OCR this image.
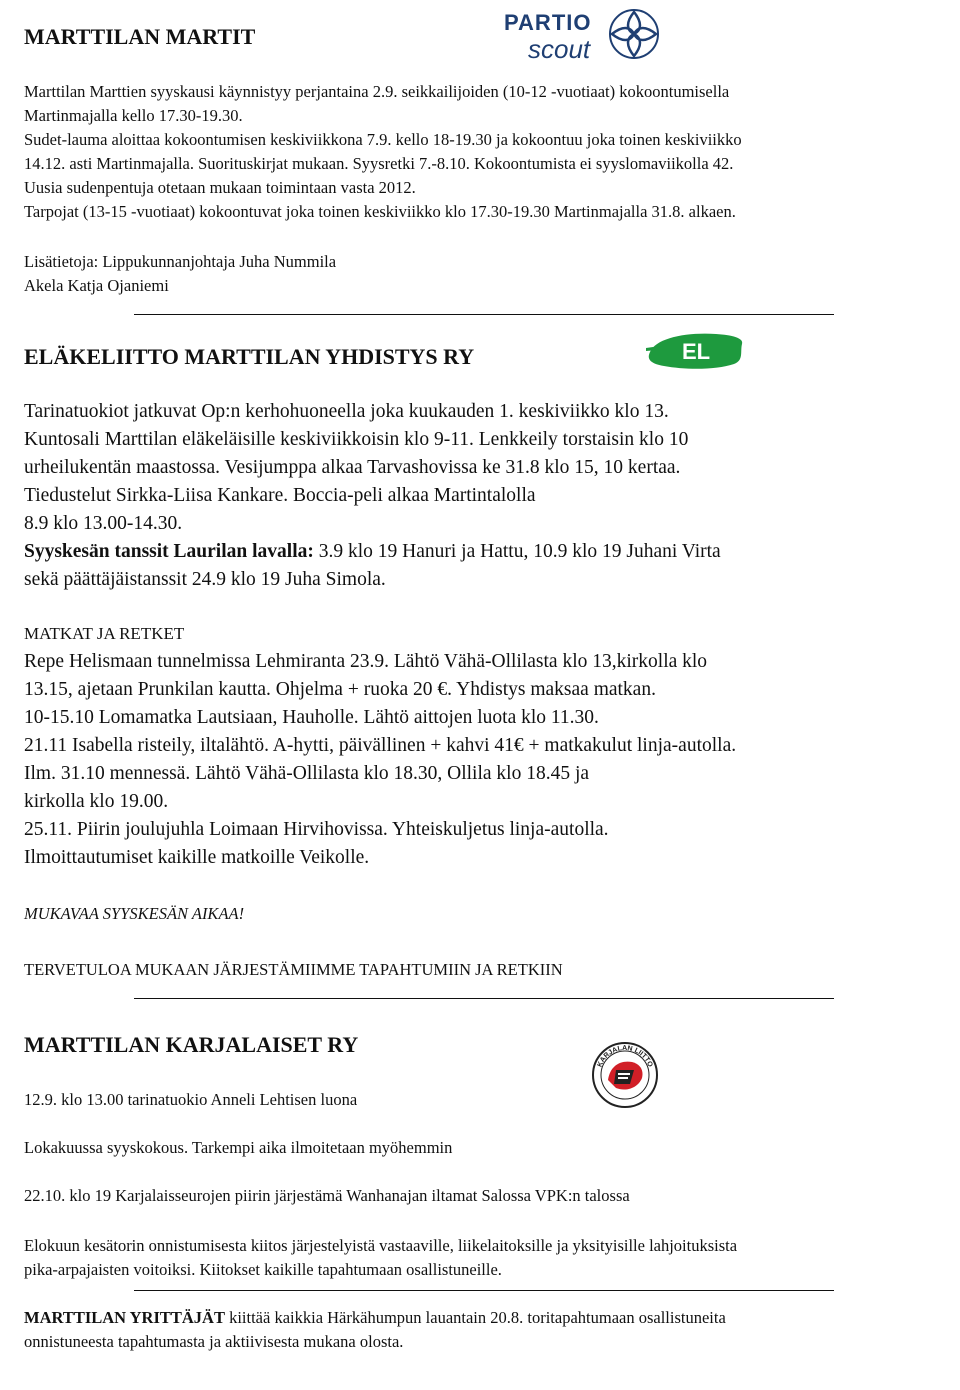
MARTTILAN MARTIT
PARTIO
scout
Marttilan Marttien syyskausi käynnistyy perjantaina 2.9. seikkailijoiden (10-12 -vuotiaat) kokoontumisella
Martinmajalla kello 17.30-19.30.
Sudet-lauma aloittaa kokoontumisen keskiviikkona 7.9. kello 18-19.30 ja kokoontuu joka toinen keskiviikko
14.12. asti Martinmajalla. Suorituskirjat mukaan. Syysretki 7.-8.10. Kokoontumista ei syyslomaviikolla 42.
Uusia sudenpentuja otetaan mukaan toimintaan vasta 2012.
Tarpojat (13-15 -vuotiaat) kokoontuvat joka toinen keskiviikko klo 17.30-19.30 Martinmajalla 31.8. alkaen.
Lisätietoja: Lippukunnanjohtaja Juha Nummila
Akela Katja Ojaniemi
ELÄKELIITTO MARTTILAN YHDISTYS RY	EL
Tarinatuokiot jatkuvat Op:n kerhohuoneella joka kuukauden 1. keskiviikko klo 13.
Kuntosali Marttilan eläkeläisille keskiviikkoisin klo 9-11. Lenkkeily torstaisin klo 10
urheilukentän maastossa. Vesijumppa alkaa Tarvashovissa ke 31.8 klo 15, 10 kertaa.
Tiedustelut Sirkka-Liisa Kankare. Boccia-peli alkaa Martintalolla
8.9 klo 13.00-14.30.
Syyskesän tanssit Laurilan lavalla: 3.9 klo 19 Hanuri ja Hattu, 10.9 klo 19 Juhani Virta
sekä päättäjäistanssit 24.9 klo 19 Juha Simola.
MATKAT JA RETKET
Repe Helismaan tunnelmissa Lehmiranta 23.9. Lähtö Vähä-Ollilasta klo 13,kirkolla klo
13.15, ajetaan Prunkilan kautta. Ohjelma + ruoka 20 €. Yhdistys maksaa matkan.
10-15.10 Lomamatka Lautsiaan, Hauholle. Lähtö aittojen luota klo 11.30.
21.11 Isabella risteily, iltalähtö. A-hytti, päivällinen + kahvi 41€ + matkakulut linja-autolla.
Ilm. 31.10 mennessä. Lähtö Vähä-Ollilasta klo 18.30, Ollila klo 18.45 ja
kirkolla klo 19.00.
25.11. Piirin joulujuhla Loimaan Hirvihovissa. Yhteiskuljetus linja-autolla.
Ilmoittautumiset kaikille matkoille Veikolle.
MUKAVAA SYYSKESÄN AIKAA!
TERVETULOA MUKAAN JÄRJESTÄMIIMME TAPAHTUMIIN JA RETKIIN
MARTTILAN KARJALAISET RY
KARJALAN LIITTO
12.9. klo 13.00 tarinatuokio Anneli Lehtisen luona
Lokakuussa syyskokous. Tarkempi aika ilmoitetaan myöhemmin
22.10. klo 19 Karjalaisseurojen piirin järjestämä Wanhanajan iltamat Salossa VPK:n talossa
Elokuun kesätorin onnistumisesta kiitos järjestelyistä vastaaville, liikelaitoksille ja yksityisille lahjoituksista
pika-arpajaisten voitoiksi. Kiitokset kaikille tapahtumaan osallistuneille.
MARTTILAN YRITTÄJÄT kiittää kaikkia Härkähumpun lauantain 20.8. toritapahtumaan osallistuneita
onnistuneesta tapahtumasta ja aktiivisesta mukana olosta.
